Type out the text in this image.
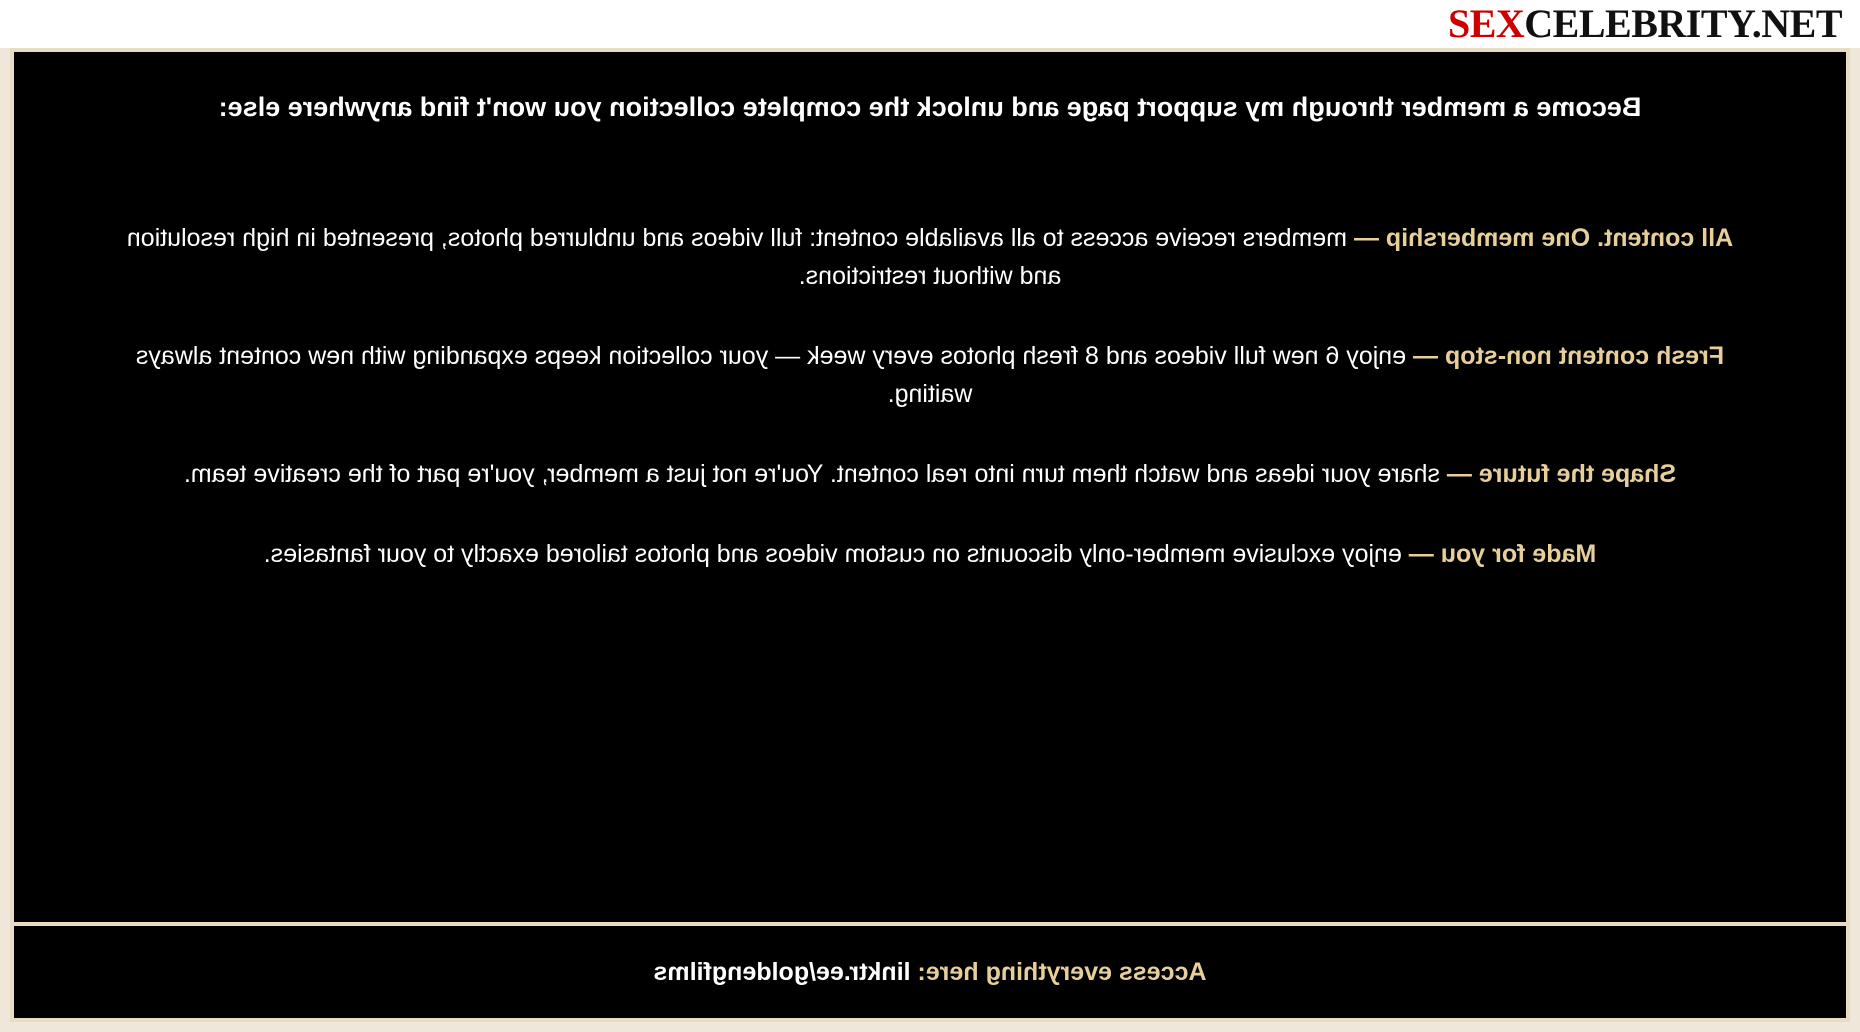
SEXCELEBRITY.NET
Become a member through my support page and unlock the complete collection you won't find anywhere else:

All content. One membership — members receive access to all available content: full videos and unblurred photos, presented in high resolution and without restrictions.

Fresh content non-stop — enjoy 6 new full videos and 8 fresh photos every week — your collection keeps expanding with new content always waiting.

Shape the future — share your ideas and watch them turn into real content. You're not just a member, you're part of the creative team.

Made for you — enjoy exclusive member-only discounts on custom videos and photos tailored exactly to your fantasies.

Access everything here: linktr.ee/goldengfilms
